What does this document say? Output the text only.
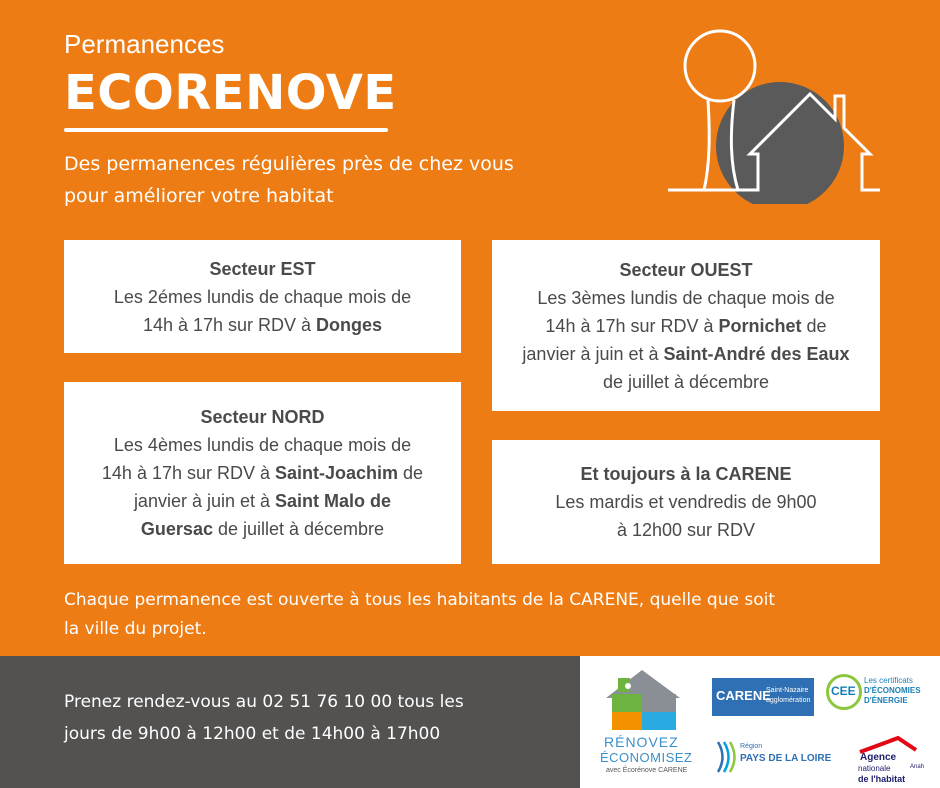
Permanences
ECORENOVE
Des permanences régulières près de chez vous
pour améliorer votre habitat

Secteur EST

Les 2émes lundis de chaque mois de

14h à 17h sur RDV à Donges

Secteur OUEST

Les 3èmes lundis de chaque mois de

14h à 17h sur RDV à Pornichet de

janvier à juin et à Saint-André des Eaux

de juillet à décembre

Secteur NORD

Les 4èmes lundis de chaque mois de

14h à 17h sur RDV à Saint-Joachim de

janvier à juin et à Saint Malo de

Guersac de juillet à décembre

Et toujours à la CARENE

Les mardis et vendredis de 9h00

à 12h00 sur RDV

Chaque permanence est ouverte à tous les habitants de la CARENE, quelle que soit
la ville du projet.
Prenez rendez-vous au 02 51 76 10 00 tous les
jours de 9h00 à 12h00 et de 14h00 à 17h00	RÉNOVEZ
ÉCONOMISEZ
avec Écorénove CARENE
CARENE
Saint-Nazaire
agglomération
CEE
Les certificats
D'ÉCONOMIES
D'ÉNERGIE
Région
PAYS DE LA LOIRE	Agence
nationale
de l'habitat
Anah
